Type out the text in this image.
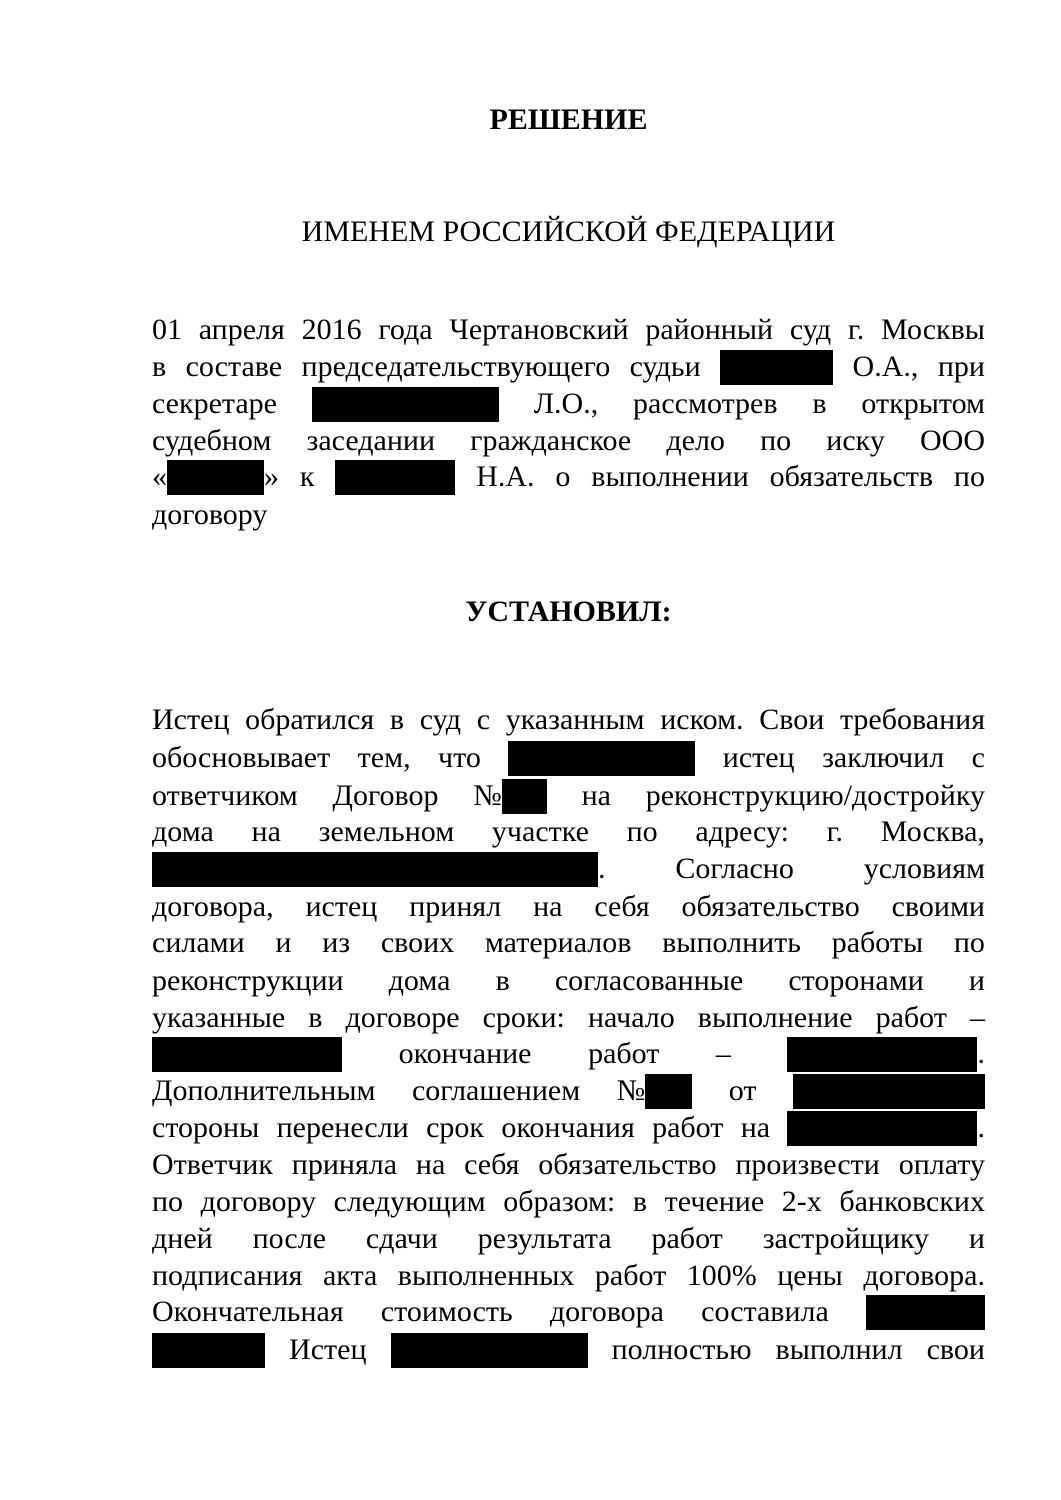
РЕШЕНИЕ
ИМЕНЕМ РОССИЙСКОЙ ФЕДЕРАЦИИ
УСТАНОВИЛ:
01 апреля 2016 года Чертановский районный суд г. Москвы
в составе председательствующего судьи	О.А., при
секретаре	Л.О., рассмотрев в открытом
судебном заседании гражданское дело по иску ООО
«	» к	Н.А. о выполнении обязательств по
договору
Истец обратился в суд с указанным иском. Свои требования
обосновывает тем, что	истец заключил с
ответчиком Договор №	на реконструкцию/достройку
дома на земельном участке по адресу: г. Москва,
. Согласно условиям
договора, истец принял на себя обязательство своими
силами и из своих материалов выполнить работы по
реконструкции дома в согласованные сторонами и
указанные в договоре сроки: начало выполнение работ –
окончание работ –	.
Дополнительным соглашением №	от
стороны перенесли срок окончания работ на	.
Ответчик приняла на себя обязательство произвести оплату
по договору следующим образом: в течение 2-х банковских
дней после сдачи результата работ застройщику и
подписания акта выполненных работ 100% цены договора.
Окончательная стоимость договора составила
Истец	полностью выполнил свои
